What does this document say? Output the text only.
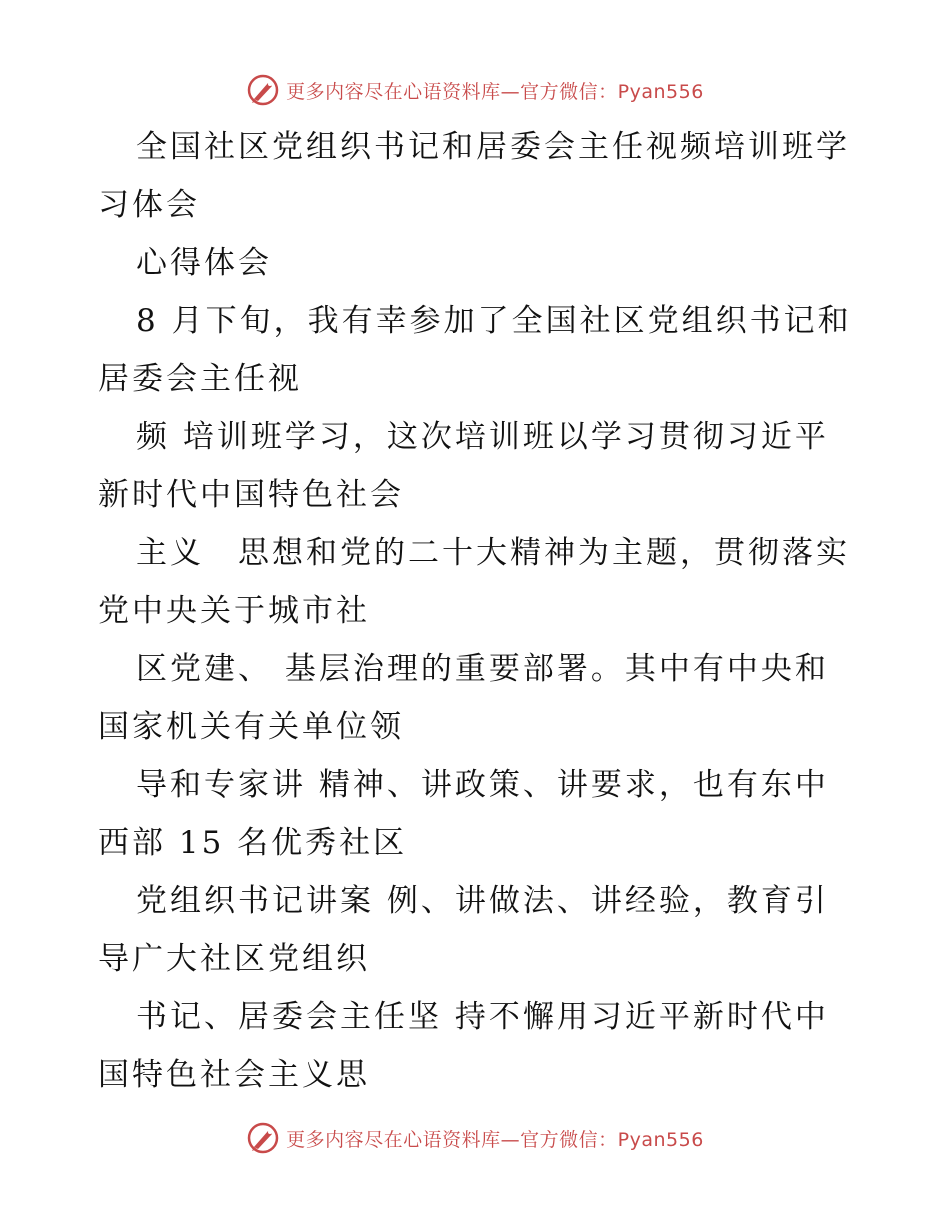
更多内容尽在心语资料库—官方微信：Pyan556

全国社区党组织书记和居委会主任视频培训班学习体会

心得体会

8 月下旬，我有幸参加了全国社区党组织书记和居委会主任视

频 培训班学习，这次培训班以学习贯彻习近平新时代中国特色社会

主义　思想和党的二十大精神为主题，贯彻落实党中央关于城市社

区党建、 基层治理的重要部署。其中有中央和国家机关有关单位领

导和专家讲 精神、讲政策、讲要求，也有东中西部 15 名优秀社区

党组织书记讲案 例、讲做法、讲经验，教育引导广大社区党组织

书记、居委会主任坚 持不懈用习近平新时代中国特色社会主义思

更多内容尽在心语资料库—官方微信：Pyan556
